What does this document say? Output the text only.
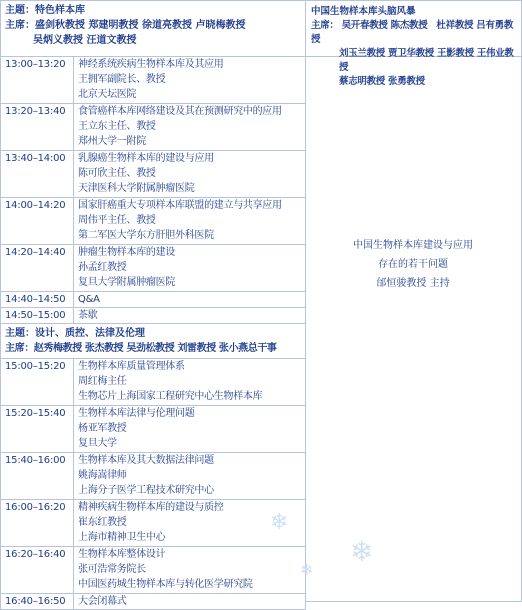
主题：特色样本库
主席：盛剑秋教授 郑建明教授 徐道亮教授 卢晓梅教授
吴炳义教授 汪道文教授	

13:00–13:20	神经系统疾病生物样本库及其应用
王拥军副院长、教授
北京天坛医院

13:20–13:40	食管癌样本库网络建设及其在预测研究中的应用
王立东主任、教授
郑州大学一附院

13:40–14:00	乳腺癌生物样本库的建设与应用
陈可欣主任、教授
天津医科大学附属肿瘤医院

14:00–14:20	国家肝癌重大专项样本库联盟的建立与共享应用
周伟平主任、教授
第二军医大学东方肝胆外科医院

14:20–14:40	肿瘤生物样本库的建设
孙孟红教授
复旦大学附属肿瘤医院

14:40–14:50	Q&A

14:50–15:00	茶歇

主题：设计、质控、法律及伦理
主席：赵秀梅教授 张杰教授 吴劲松教授 刘雷教授 张小燕总干事	

15:00–15:20	生物样本库质量管理体系
周红梅主任
生物芯片上海国家工程研究中心生物样本库

15:20–15:40	生物样本库法律与伦理问题
杨亚军教授
复旦大学

15:40–16:00	生物样本库及其大数据法律问题
姚海嵩律师
上海分子医学工程技术研究中心

16:00–16:20	精神疾病生物样本库的建设与质控
崔东红教授
上海市精神卫生中心

16:20–16:40	生物样本库整体设计
张可浩常务院长
中国医药城生物样本库与转化医学研究院

16:40–16:50	大会闭幕式
中国生物样本库头脑风暴
主席： 吴开春教授 陈杰教授   杜祥教授 吕有勇教授
刘玉兰教授 贾卫华教授 王影教授 王伟业教授
蔡志明教授 张勇教授
中国生物样本库建设与应用
存在的若干问题
邰恒骏教授 主持
❄
❄
❄
